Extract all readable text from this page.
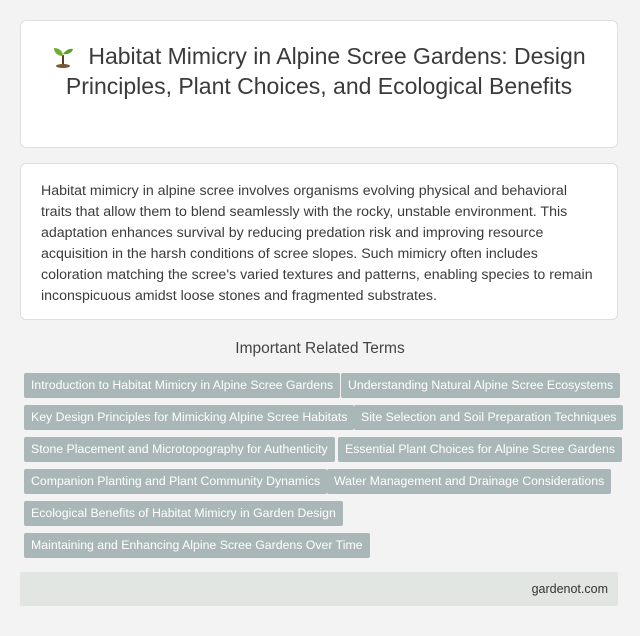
Habitat Mimicry in Alpine Scree Gardens: Design Principles, Plant Choices, and Ecological Benefits

Habitat mimicry in alpine scree involves organisms evolving physical and behavioral traits that allow them to blend seamlessly with the rocky, unstable environment. This adaptation enhances survival by reducing predation risk and improving resource acquisition in the harsh conditions of scree slopes. Such mimicry often includes coloration matching the scree's varied textures and patterns, enabling species to remain inconspicuous amidst loose stones and fragmented substrates.

Important Related Terms
Introduction to Habitat Mimicry in Alpine Scree Gardens	Understanding Natural Alpine Scree Ecosystems
Key Design Principles for Mimicking Alpine Scree Habitats	Site Selection and Soil Preparation Techniques
Stone Placement and Microtopography for Authenticity	Essential Plant Choices for Alpine Scree Gardens
Companion Planting and Plant Community Dynamics	Water Management and Drainage Considerations
Ecological Benefits of Habitat Mimicry in Garden Design
Maintaining and Enhancing Alpine Scree Gardens Over Time
gardenot.com
